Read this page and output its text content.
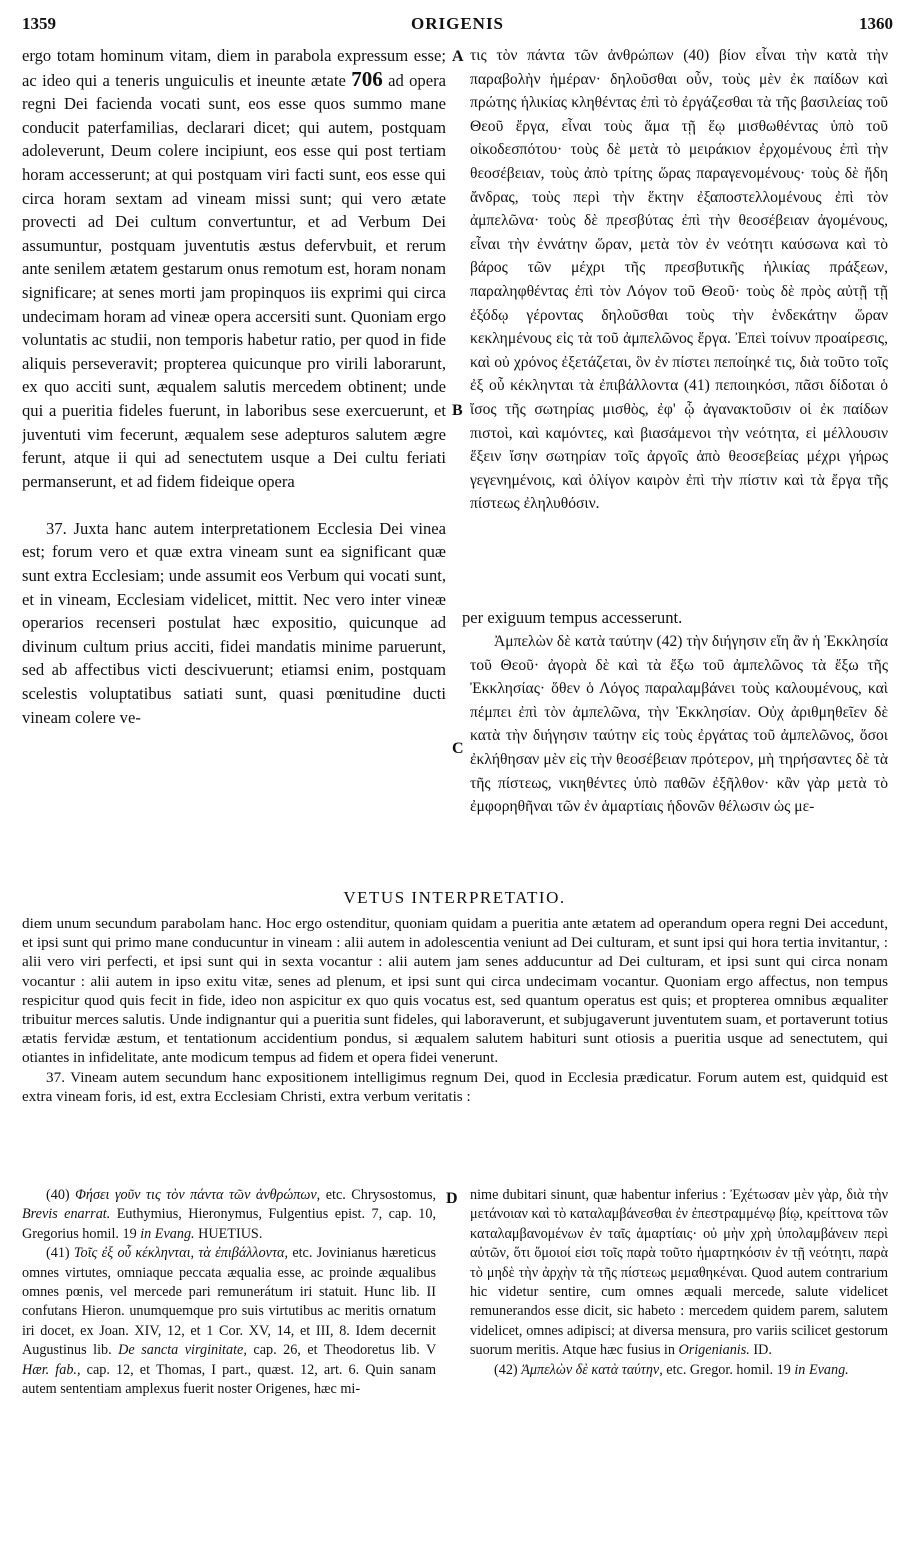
1359	ORIGENIS	1360

ergo totam hominum vitam, diem in parabola expressum esse; ac ideo qui a teneris unguiculis et ineunte ætate 706 ad opera regni Dei facienda vocati sunt, eos esse quos summo mane conducit paterfamilias, declarari dicet; qui autem, postquam adoleverunt, Deum colere incipiunt, eos esse qui post tertiam horam accesserunt; at qui postquam viri facti sunt, eos esse qui circa horam sextam ad vineam missi sunt; qui vero ætate provecti ad Dei cultum convertuntur, et ad Verbum Dei assumuntur, postquam juventutis æstus defervbuit, et rerum ante senilem ætatem gestarum onus remotum est, horam nonam significare; at senes morti jam propinquos iis exprimi qui circa undecimam horam ad vineæ opera accersiti sunt. Quoniam ergo voluntatis ac studii, non temporis habetur ratio, per quod in fide aliquis perseveravit; propterea quicunque pro virili laborarunt, ex quo acciti sunt, æqualem salutis mercedem obtinent; unde qui a pueritia fideles fuerunt, in laboribus sese exercuerunt, et juventuti vim fecerunt, æqualem sese adepturos salutem ægre ferunt, atque ii qui ad senectutem usque a Dei cultu feriati permanserunt, et ad fidem fideique opera

37. Juxta hanc autem interpretationem Ecclesia Dei vinea est; forum vero et quæ extra vineam sunt ea significant quæ sunt extra Ecclesiam; unde assumit eos Verbum qui vocati sunt, et in vineam, Ecclesiam videlicet, mittit. Nec vero inter vineæ operarios recenseri postulat hæc expositio, quicunque ad divinum cultum prius acciti, fidei mandatis minime paruerunt, sed ab affectibus victi descivuerunt; etiamsi enim, postquam scelestis voluptatibus satiati sunt, quasi pœnitudine ducti vineam colere ve-

per exiguum tempus accesserunt.

τις τὸν πάντα τῶν ἀνθρώπων (40) βίον εἶναι τὴν κατὰ τὴν παραβολὴν ἡμέραν· δηλοῦσθαι οὖν, τοὺς μὲν ἐκ παίδων καὶ πρώτης ἡλικίας κληθέντας ἐπὶ τὸ ἐργάζεσθαι τὰ τῆς βασιλείας τοῦ Θεοῦ ἔργα, εἶναι τοὺς ἅμα τῇ ἕῳ μισθωθέντας ὑπὸ τοῦ οἰκοδεσπότου· τοὺς δὲ μετὰ τὸ μειράκιον ἐρχομένους ἐπὶ τὴν θεοσέβειαν, τοὺς ἀπὸ τρίτης ὥρας παραγενομένους· τοὺς δὲ ἤδη ἄνδρας, τοὺς περὶ τὴν ἕκτην ἐξαποστελλομένους ἐπὶ τὸν ἀμπελῶνα· τοὺς δὲ πρεσβύτας ἐπὶ τὴν θεοσέβειαν ἀγομένους, εἶναι τὴν ἐννάτην ὥραν, μετὰ τὸν ἐν νεότητι καύσωνα καὶ τὸ βάρος τῶν μέχρι τῆς πρεσβυτικῆς ἡλικίας πράξεων, παραληφθέντας ἐπὶ τὸν Λόγον τοῦ Θεοῦ· τοὺς δὲ πρὸς αὐτῇ τῇ ἐξόδῳ γέροντας δηλοῦσθαι τοὺς τὴν ἑνδεκάτην ὥραν κεκλημένους εἰς τὰ τοῦ ἀμπελῶνος ἔργα. Ἐπεὶ τοίνυν προαίρεσις, καὶ οὐ χρόνος ἐξετάζεται, ὃν ἐν πίστει πεποίηκέ τις, διὰ τοῦτο τοῖς ἐξ οὗ κέκληνται τὰ ἐπιβάλλοντα (41) πεποιηκόσι, πᾶσι δίδοται ὁ ἴσος τῆς σωτηρίας μισθὸς, ἐφ' ᾧ ἀγανακτοῦσιν οἱ ἐκ παίδων πιστοὶ, καὶ καμόντες, καὶ βιασάμενοι τὴν νεότητα, εἰ μέλλουσιν ἕξειν ἴσην σωτηρίαν τοῖς ἀργοῖς ἀπὸ θεοσεβείας μέχρι γήρως γεγενημένοις, καὶ ὀλίγον καιρὸν ἐπὶ τὴν πίστιν καὶ τὰ ἔργα τῆς πίστεως ἐληλυθόσιν.

Ἀμπελὼν δὲ κατὰ ταύτην (42) τὴν διήγησιν εἴη ἂν ἡ Ἐκκλησία τοῦ Θεοῦ· ἀγορὰ δὲ καὶ τὰ ἔξω τοῦ ἀμπελῶνος τὰ ἔξω τῆς Ἐκκλησίας· ὅθεν ὁ Λόγος παραλαμβάνει τοὺς καλουμένους, καὶ πέμπει ἐπὶ τὸν ἀμπελῶνα, τὴν Ἐκκλησίαν. Οὐχ ἀριθμηθεῖεν δὲ κατὰ τὴν διήγησιν ταύτην εἰς τοὺς ἐργάτας τοῦ ἀμπελῶνος, ὅσοι ἐκλήθησαν μὲν εἰς τὴν θεοσέβειαν πρότερον, μὴ τηρήσαντες δὲ τὰ τῆς πίστεως, νικηθέντες ὑπὸ παθῶν ἐξῆλθον· κἂν γὰρ μετὰ τὸ ἐμφορηθῆναι τῶν ἐν ἁμαρτίαις ἡδονῶν θέλωσιν ὡς με-

A
B
C
D
VETUS INTERPRETATIO.

diem unum secundum parabolam hanc. Hoc ergo ostenditur, quoniam quidam a pueritia ante ætatem ad operandum opera regni Dei accedunt, et ipsi sunt qui primo mane conducuntur in vineam : alii autem in adolescentia veniunt ad Dei culturam, et sunt ipsi qui hora tertia invitantur, : alii vero viri perfecti, et ipsi sunt qui in sexta vocantur : alii autem jam senes adducuntur ad Dei culturam, et ipsi sunt qui circa nonam vocantur : alii autem in ipso exitu vitæ, senes ad plenum, et ipsi sunt qui circa undecimam vocantur. Quoniam ergo affectus, non tempus respicitur quod quis fecit in fide, ideo non aspicitur ex quo quis vocatus est, sed quantum operatus est quis; et propterea omnibus æqualiter tribuitur merces salutis. Unde indignantur qui a pueritia sunt fideles, qui laboraverunt, et subjugaverunt juventutem suam, et portaverunt totius ætatis fervidæ æstum, et tentationum accidentium pondus, si æqualem salutem habituri sunt otiosis a pueritia usque ad senectutem, qui otiantes in infidelitate, ante modicum tempus ad fidem et opera fidei venerunt.

37. Vineam autem secundum hanc expositionem intelligimus regnum Dei, quod in Ecclesia prædicatur. Forum autem est, quidquid est extra vineam foris, id est, extra Ecclesiam Christi, extra verbum veritatis :

(40) Φήσει γοῦν τις τὸν πάντα τῶν ἀνθρώπων, etc. Chrysostomus, Brevis enarrat. Euthymius, Hieronymus, Fulgentius epist. 7, cap. 10, Gregorius homil. 19 in Evang. HUETIUS.

(41) Τοῖς ἐξ οὗ κέκληνται, τὰ ἐπιβάλλοντα, etc. Jovinianus hæreticus omnes virtutes, omniaque peccata æqualia esse, ac proinde æqualibus omnes pœnis, vel mercede pari remunerátum iri statuit. Hunc lib. II confutans Hieron. unumquemque pro suis virtutibus ac meritis ornatum iri docet, ex Joan. XIV, 12, et 1 Cor. XV, 14, et III, 8. Idem decernit Augustinus lib. De sancta virginitate, cap. 26, et Theodoretus lib. V Hær. fab., cap. 12, et Thomas, I part., quæst. 12, art. 6. Quin sanam autem sententiam amplexus fuerit noster Origenes, hæc mi-

nime dubitari sinunt, quæ habentur inferius : Ἐχέτωσαν μὲν γὰρ, διὰ τὴν μετάνοιαν καὶ τὸ καταλαμβάνεσθαι ἐν ἐπεστραμμένῳ βίῳ, κρείττονα τῶν καταλαμβανομένων ἐν ταῖς ἁμαρτίαις· οὐ μὴν χρὴ ὑπολαμβάνειν περὶ αὐτῶν, ὅτι ὅμοιοί εἰσι τοῖς παρὰ τοῦτο ἡμαρτηκόσιν ἐν τῇ νεότητι, παρὰ τὸ μηδὲ τὴν ἀρχὴν τὰ τῆς πίστεως μεμαθηκέναι. Quod autem contrarium hic videtur sentire, cum omnes æquali mercede, salute videlicet remunerandos esse dicit, sic habeto : mercedem quidem parem, salutem videlicet, omnes adipisci; at diversa mensura, pro variis scilicet gestorum suorum meritis. Atque hæc fusius in Origenianis. ID.

(42) Ἀμπελὼν δὲ κατὰ ταύτην, etc. Gregor. homil. 19 in Evang.
